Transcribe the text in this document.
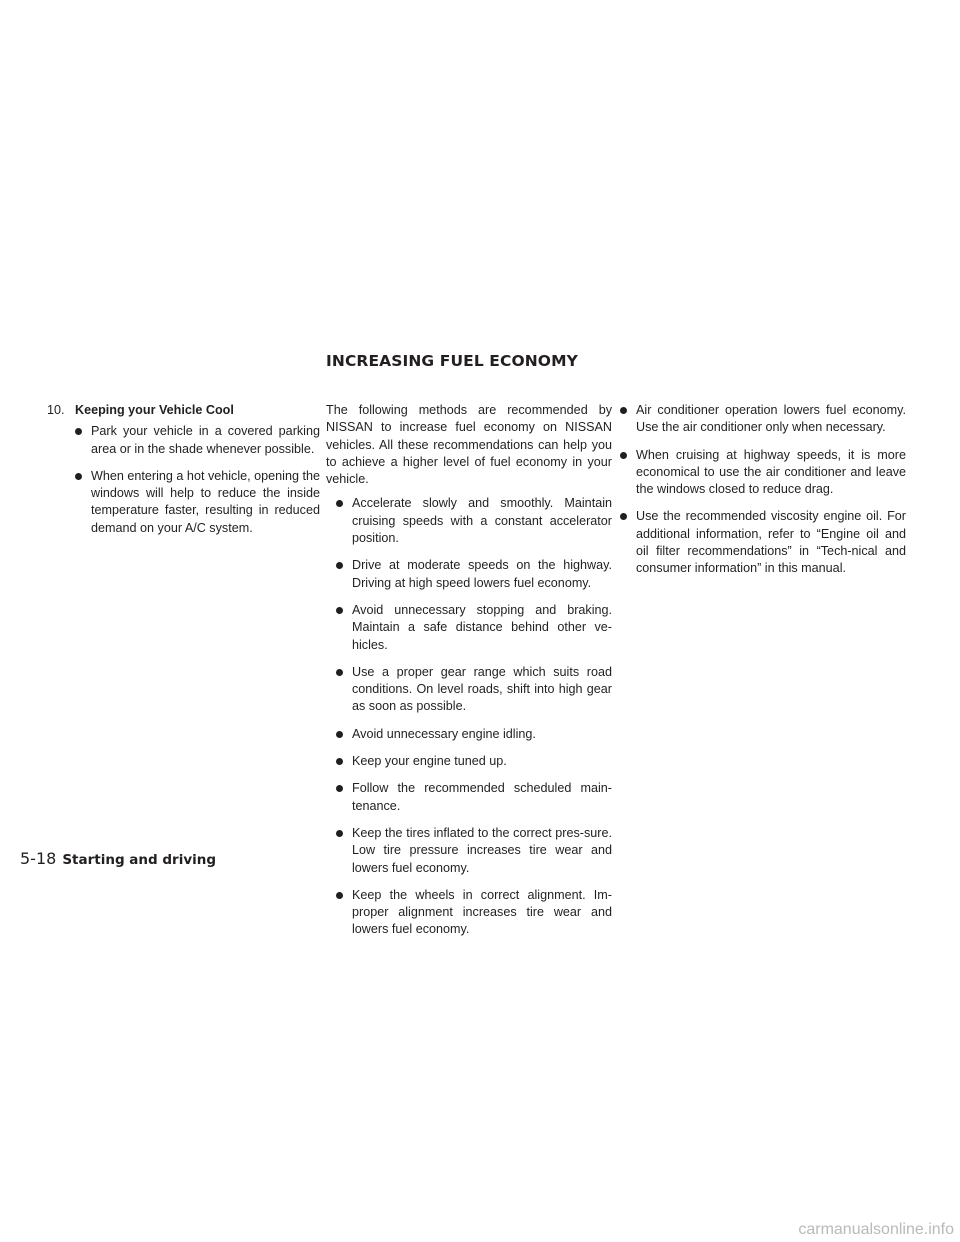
INCREASING FUEL ECONOMY
10. Keeping your Vehicle Cool
Park your vehicle in a covered parking area or in the shade whenever possible.
When entering a hot vehicle, opening the windows will help to reduce the inside temperature faster, resulting in reduced demand on your A/C system.

The following methods are recommended by NISSAN to increase fuel economy on NISSAN vehicles. All these recommendations can help you to achieve a higher level of fuel economy in your vehicle.

Accelerate slowly and smoothly. Maintain cruising speeds with a constant accelerator position.
Drive at moderate speeds on the highway. Driving at high speed lowers fuel economy.
Avoid unnecessary stopping and braking. Maintain a safe distance behind other ve-hicles.
Use a proper gear range which suits road conditions. On level roads, shift into high gear as soon as possible.
Avoid unnecessary engine idling.
Keep your engine tuned up.
Follow the recommended scheduled main-tenance.
Keep the tires inflated to the correct pres-sure. Low tire pressure increases tire wear and lowers fuel economy.
Keep the wheels in correct alignment. Im-proper alignment increases tire wear and lowers fuel economy.
Air conditioner operation lowers fuel economy. Use the air conditioner only when necessary.
When cruising at highway speeds, it is more economical to use the air conditioner and leave the windows closed to reduce drag.
Use the recommended viscosity engine oil. For additional information, refer to “Engine oil and oil filter recommendations” in “Tech-nical and consumer information” in this manual.
5-18 Starting and driving
carmanualsonline.info
